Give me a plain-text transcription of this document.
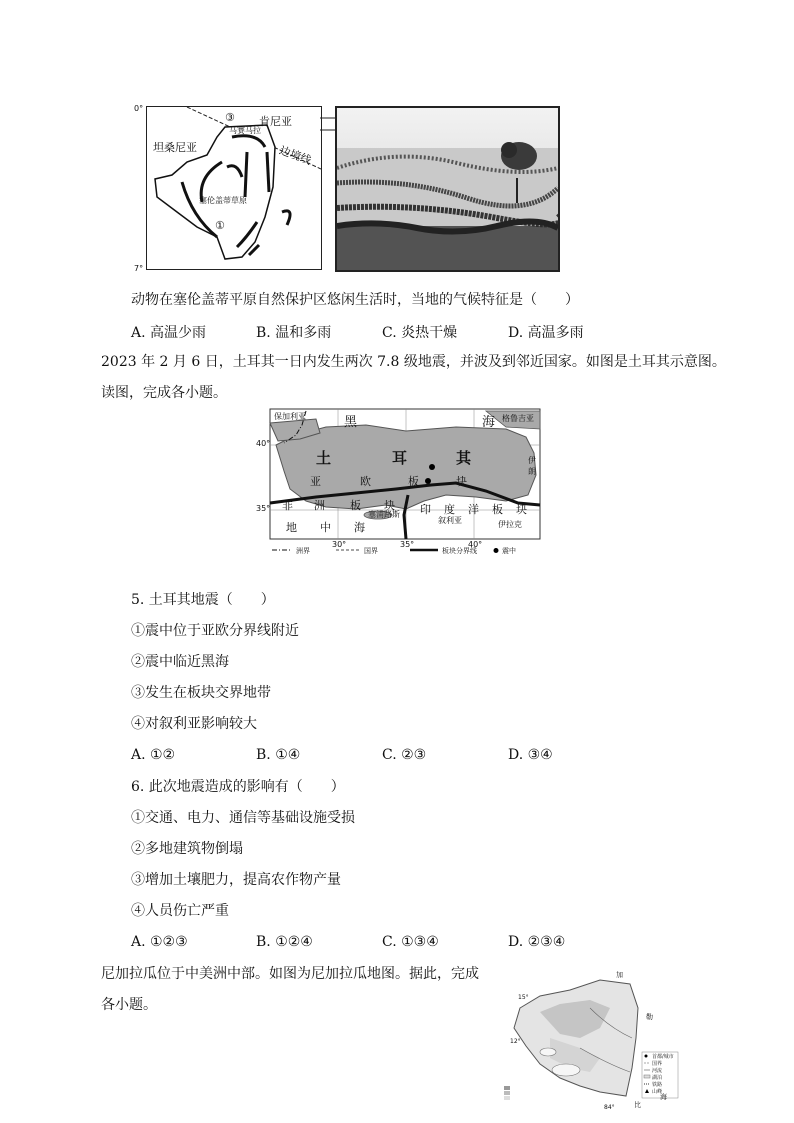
肯尼亚
坦桑尼亚	边境线
马赛马拉
塞伦盖蒂草原
③
①
0°
7°
动物在塞伦盖蒂平原自然保护区悠闲生活时，当地的气候特征是（　　）
A. 高温少雨	B. 温和多雨	C. 炎热干燥	D. 高温多雨
2023 年 2 月 6 日，土耳其一日内发生两次 7.8 级地震，并波及到邻近国家。如图是土耳其示意图。
读图，完成各小题。
保加利亚	格鲁吉亚
黑	海
土	耳	其
亚	欧	板	块
非 洲 板 块 印 度 洋 板 块
地 中 海
塞浦路斯
叙利亚	伊拉克
伊朗
40°
35°
30°	35°	40°
洲界	国界	板块分界线	震中
5. 土耳其地震（　　）
①震中位于亚欧分界线附近
②震中临近黑海
③发生在板块交界地带
④对叙利亚影响较大
A. ①②	B. ①④	C. ②③	D. ③④
6. 此次地震造成的影响有（　　）
①交通、电力、通信等基础设施受损
②多地建筑物倒塌
③增加土壤肥力，提高农作物产量
④人员伤亡严重
A. ①②③	B. ①②④	C. ①③④	D. ②③④
尼加拉瓜位于中美洲中部。如图为尼加拉瓜地图。据此，完成
各小题。	15°
12°
84°
加
勒
比
海
首都/城市
国界
河流
湖泊
铁路
山峰
